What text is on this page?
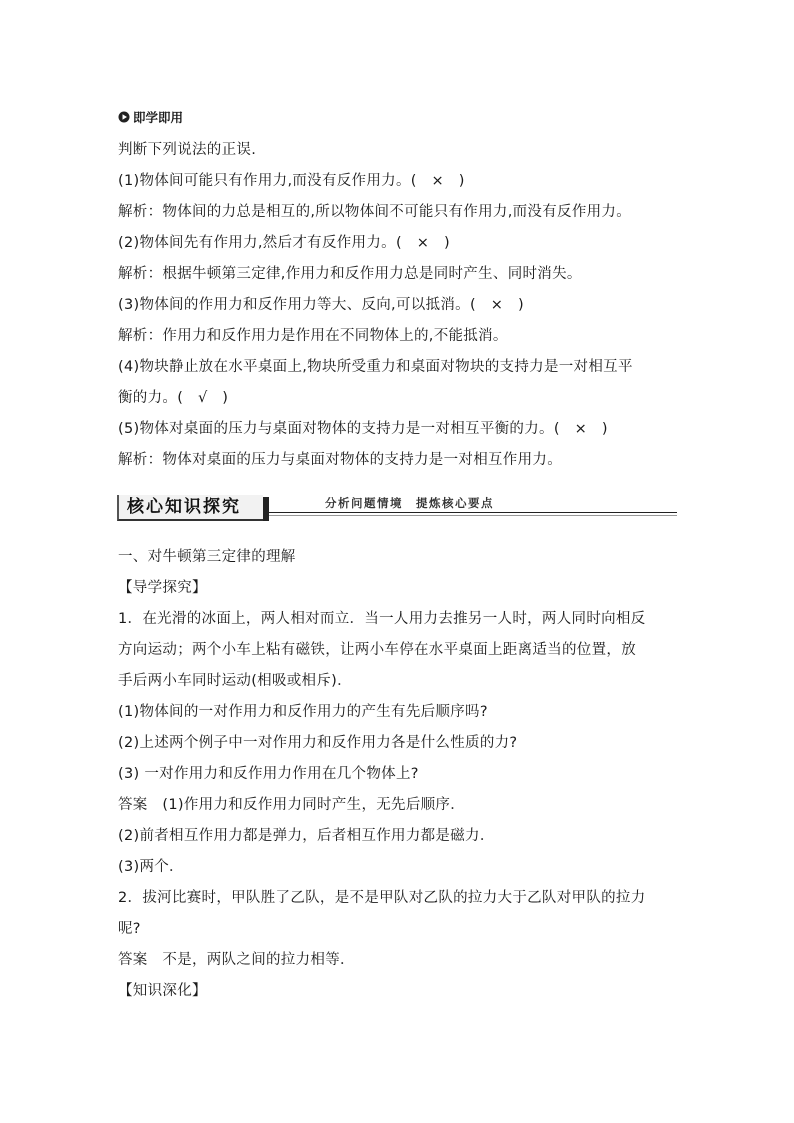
即学即用

判断下列说法的正误.

(1)物体间可能只有作用力,而没有反作用力。(　×　)

解析：物体间的力总是相互的,所以物体间不可能只有作用力,而没有反作用力。

(2)物体间先有作用力,然后才有反作用力。(　×　)

解析：根据牛顿第三定律,作用力和反作用力总是同时产生、同时消失。

(3)物体间的作用力和反作用力等大、反向,可以抵消。(　×　)

解析：作用力和反作用力是作用在不同物体上的,不能抵消。

(4)物块静止放在水平桌面上,物块所受重力和桌面对物块的支持力是一对相互平

衡的力。(　√　)

(5)物体对桌面的压力与桌面对物体的支持力是一对相互平衡的力。(　×　)

解析：物体对桌面的压力与桌面对物体的支持力是一对相互作用力。

核心知识探究	分析问题情境　提炼核心要点

一、对牛顿第三定律的理解

【导学探究】

1．在光滑的冰面上，两人相对而立．当一人用力去推另一人时，两人同时向相反

方向运动；两个小车上粘有磁铁，让两小车停在水平桌面上距离适当的位置，放

手后两小车同时运动(相吸或相斥)．

(1)物体间的一对作用力和反作用力的产生有先后顺序吗?

(2)上述两个例子中一对作用力和反作用力各是什么性质的力?

(3) 一对作用力和反作用力作用在几个物体上?

答案　(1)作用力和反作用力同时产生，无先后顺序．

(2)前者相互作用力都是弹力，后者相互作用力都是磁力．

(3)两个．

2．拔河比赛时，甲队胜了乙队，是不是甲队对乙队的拉力大于乙队对甲队的拉力

呢?

答案　不是，两队之间的拉力相等．

【知识深化】
